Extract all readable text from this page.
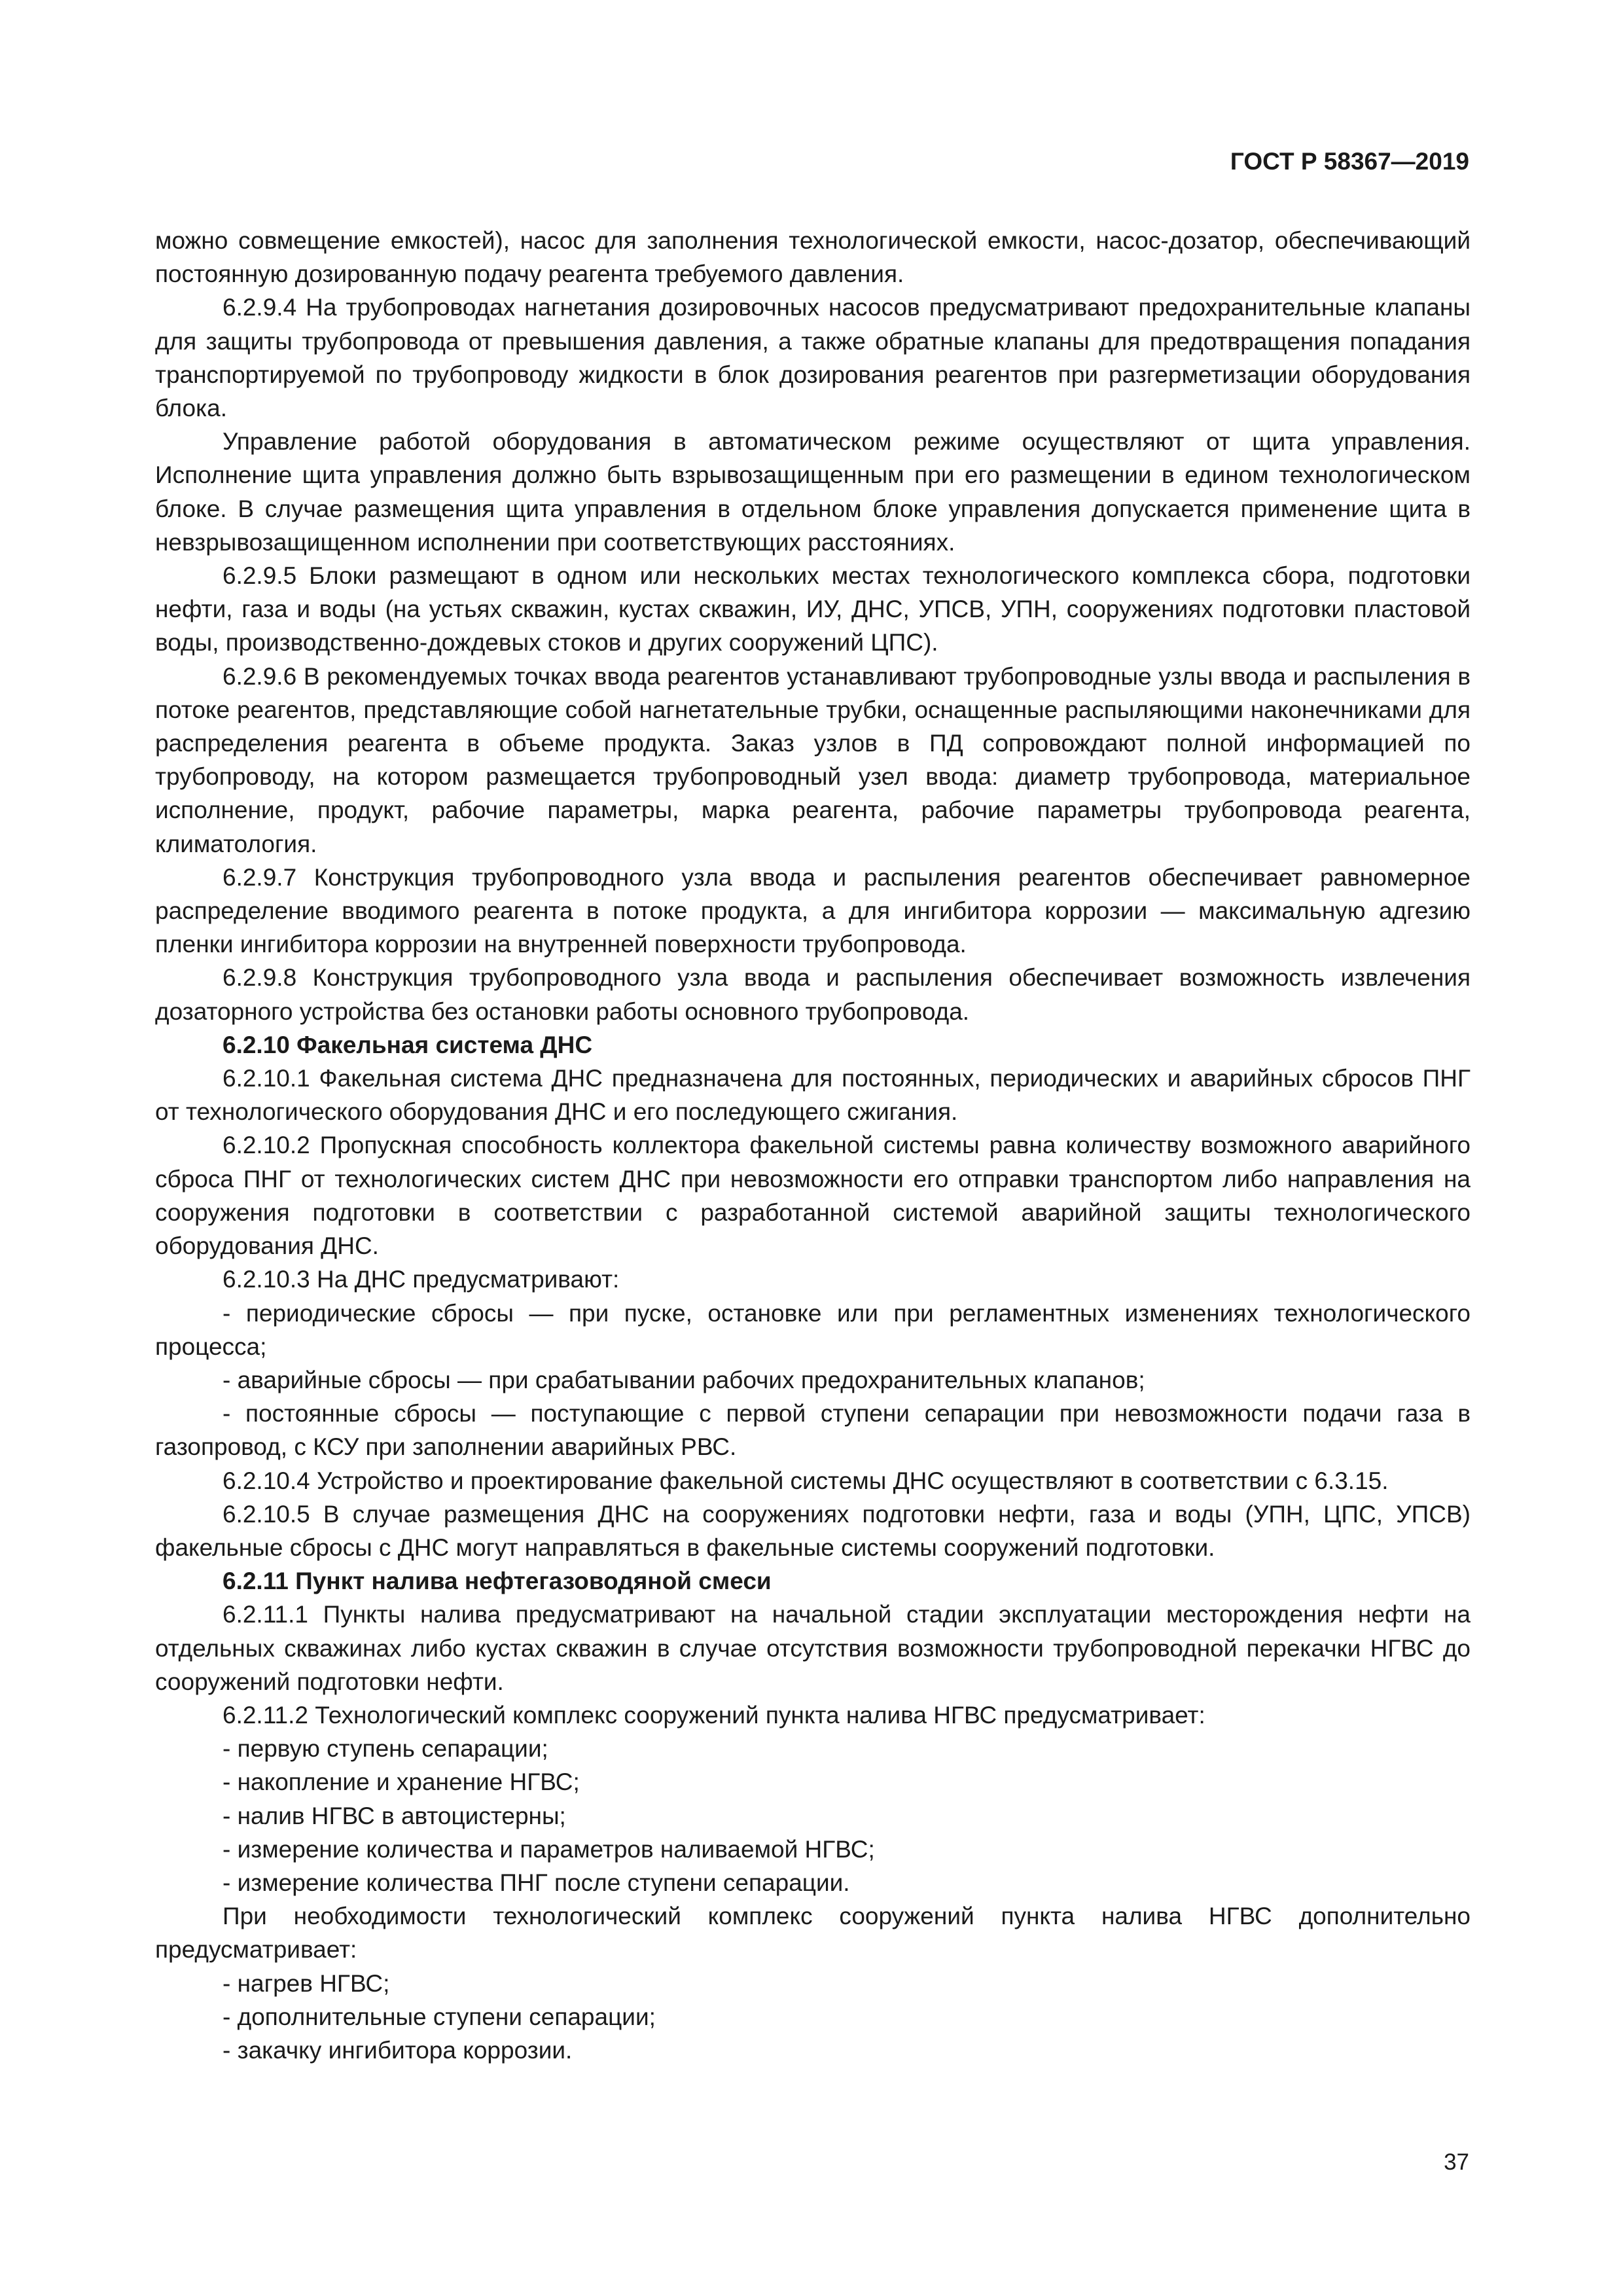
ГОСТ Р 58367—2019

можно совмещение емкостей), насос для заполнения технологической емкости, насос-дозатор, обеспечивающий постоянную дозированную подачу реагента требуемого давления.

6.2.9.4 На трубопроводах нагнетания дозировочных насосов предусматривают предохранительные клапаны для защиты трубопровода от превышения давления, а также обратные клапаны для предотвращения попадания транспортируемой по трубопроводу жидкости в блок дозирования реагентов при разгерметизации оборудования блока.

Управление работой оборудования в автоматическом режиме осуществляют от щита управления. Исполнение щита управления должно быть взрывозащищенным при его размещении в едином технологическом блоке. В случае размещения щита управления в отдельном блоке управления допускается применение щита в невзрывозащищенном исполнении при соответствующих расстояниях.

6.2.9.5 Блоки размещают в одном или нескольких местах технологического комплекса сбора, подготовки нефти, газа и воды (на устьях скважин, кустах скважин, ИУ, ДНС, УПСВ, УПН, сооружениях подготовки пластовой воды, производственно-дождевых стоков и других сооружений ЦПС).

6.2.9.6 В рекомендуемых точках ввода реагентов устанавливают трубопроводные узлы ввода и распыления в потоке реагентов, представляющие собой нагнетательные трубки, оснащенные распыляющими наконечниками для распределения реагента в объеме продукта. Заказ узлов в ПД сопровождают полной информацией по трубопроводу, на котором размещается трубопроводный узел ввода: диаметр трубопровода, материальное исполнение, продукт, рабочие параметры, марка реагента, рабочие параметры трубопровода реагента, климатология.

6.2.9.7 Конструкция трубопроводного узла ввода и распыления реагентов обеспечивает равномерное распределение вводимого реагента в потоке продукта, а для ингибитора коррозии — максимальную адгезию пленки ингибитора коррозии на внутренней поверхности трубопровода.

6.2.9.8 Конструкция трубопроводного узла ввода и распыления обеспечивает возможность извлечения дозаторного устройства без остановки работы основного трубопровода.

6.2.10 Факельная система ДНС

6.2.10.1 Факельная система ДНС предназначена для постоянных, периодических и аварийных сбросов ПНГ от технологического оборудования ДНС и его последующего сжигания.

6.2.10.2 Пропускная способность коллектора факельной системы равна количеству возможного аварийного сброса ПНГ от технологических систем ДНС при невозможности его отправки транспортом либо направления на сооружения подготовки в соответствии с разработанной системой аварийной защиты технологического оборудования ДНС.

6.2.10.3 На ДНС предусматривают:

- периодические сбросы — при пуске, остановке или при регламентных изменениях технологического процесса;

- аварийные сбросы — при срабатывании рабочих предохранительных клапанов;

- постоянные сбросы — поступающие с первой ступени сепарации при невозможности подачи газа в газопровод, с КСУ при заполнении аварийных РВС.

6.2.10.4 Устройство и проектирование факельной системы ДНС осуществляют в соответствии с 6.3.15.

6.2.10.5 В случае размещения ДНС на сооружениях подготовки нефти, газа и воды (УПН, ЦПС, УПСВ) факельные сбросы с ДНС могут направляться в факельные системы сооружений подготовки.

6.2.11 Пункт налива нефтегазоводяной смеси

6.2.11.1 Пункты налива предусматривают на начальной стадии эксплуатации месторождения нефти на отдельных скважинах либо кустах скважин в случае отсутствия возможности трубопроводной перекачки НГВС до сооружений подготовки нефти.

6.2.11.2 Технологический комплекс сооружений пункта налива НГВС предусматривает:

- первую ступень сепарации;

- накопление и хранение НГВС;

- налив НГВС в автоцистерны;

- измерение количества и параметров наливаемой НГВС;

- измерение количества ПНГ после ступени сепарации.

При необходимости технологический комплекс сооружений пункта налива НГВС дополнительно предусматривает:

- нагрев НГВС;

- дополнительные ступени сепарации;

- закачку ингибитора коррозии.

37
